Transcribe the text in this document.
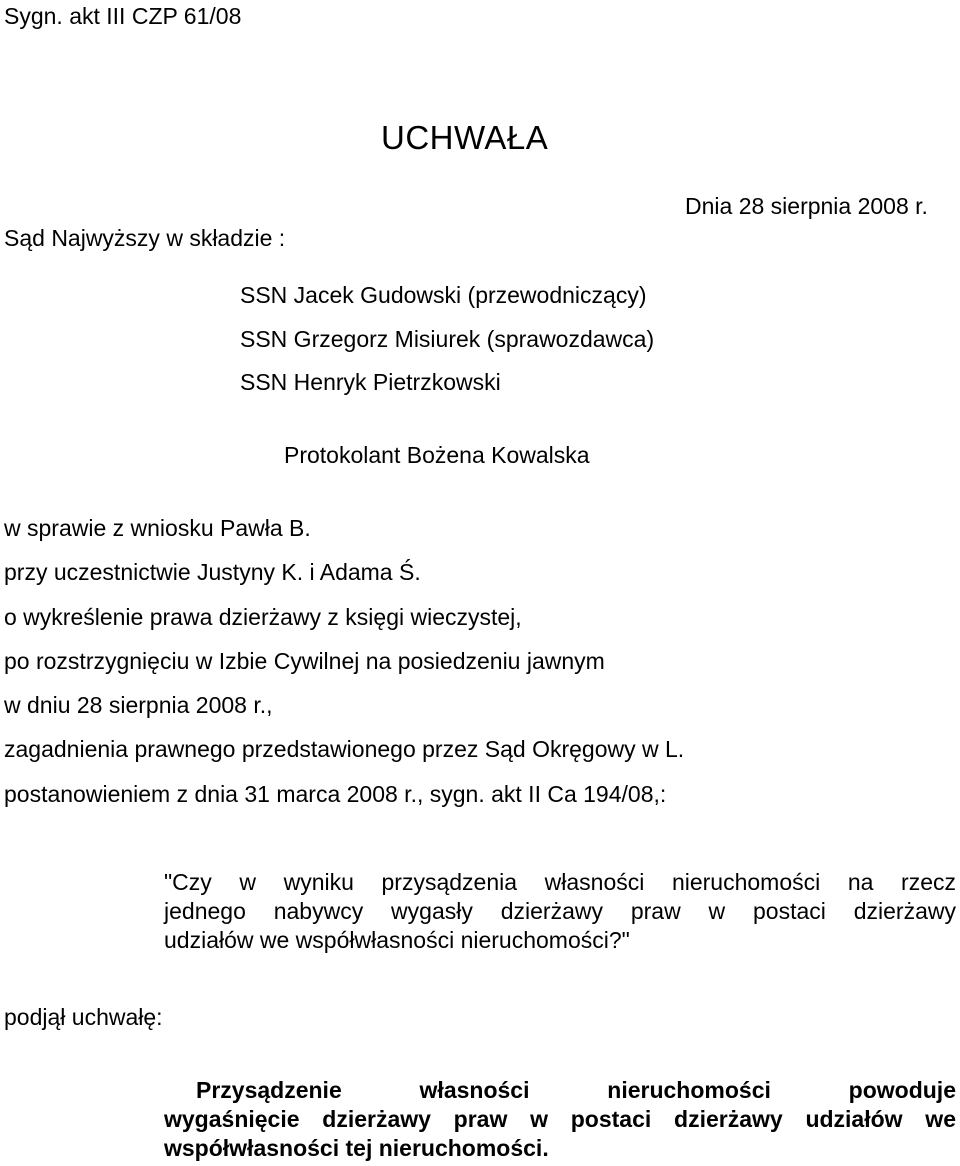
Sygn. akt III CZP 61/08
UCHWAŁA
Dnia 28 sierpnia 2008 r.
Sąd Najwyższy w składzie :
SSN Jacek Gudowski (przewodniczący)
SSN Grzegorz Misiurek (sprawozdawca)
SSN Henryk Pietrzkowski
Protokolant Bożena Kowalska
w sprawie z wniosku Pawła B.
przy uczestnictwie Justyny K. i Adama Ś.
o wykreślenie prawa dzierżawy z księgi wieczystej,
po rozstrzygnięciu w Izbie Cywilnej na posiedzeniu jawnym
w dniu 28 sierpnia 2008 r.,
zagadnienia prawnego przedstawionego przez Sąd Okręgowy w L.
postanowieniem z dnia 31 marca 2008 r., sygn. akt II Ca 194/08,:
"Czy w wyniku przysądzenia własności nieruchomości na rzecz
jednego nabywcy wygasły dzierżawy praw w postaci dzierżawy
udziałów we współwłasności nieruchomości?"
podjął uchwałę:
Przysądzenie własności nieruchomości powoduje
wygaśnięcie dzierżawy praw w postaci dzierżawy udziałów we
współwłasności tej nieruchomości.
